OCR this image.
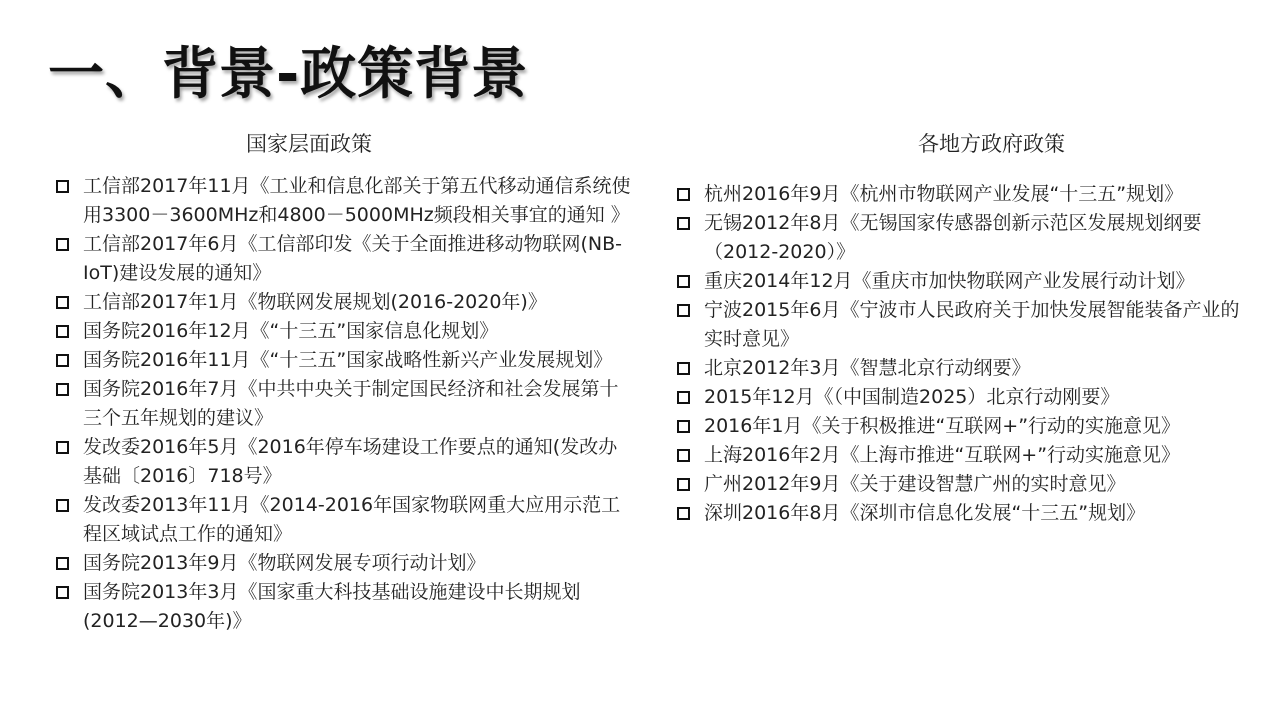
一、背景-政策背景
国家层面政策	各地方政府政策
工信部2017年11月《工业和信息化部关于第五代移动通信系统使用3300－3600MHz和4800－5000MHz频段相关事宜的通知 》
工信部2017年6月《工信部印发《关于全面推进移动物联网(NB-IoT)建设发展的通知》
工信部2017年1月《物联网发展规划(2016-2020年)》
国务院2016年12月《“十三五”国家信息化规划》
国务院2016年11月《“十三五”国家战略性新兴产业发展规划》
国务院2016年7月《中共中央关于制定国民经济和社会发展第十三个五年规划的建议》
发改委2016年5月《2016年停车场建设工作要点的通知(发改办基础〔2016〕718号》
发改委2013年11月《2014-2016年国家物联网重大应用示范工程区域试点工作的通知》
国务院2013年9月《物联网发展专项行动计划》
国务院2013年3月《国家重大科技基础设施建设中长期规划(2012—2030年)》
杭州2016年9月《杭州市物联网产业发展“十三五”规划》
无锡2012年8月《无锡国家传感器创新示范区发展规划纲要（2012-2020）》
重庆2014年12月《重庆市加快物联网产业发展行动计划》
宁波2015年6月《宁波市人民政府关于加快发展智能装备产业的实时意见》
北京2012年3月《智慧北京行动纲要》
2015年12月《（中国制造2025）北京行动刚要》
2016年1月《关于积极推进“互联网+”行动的实施意见》
上海2016年2月《上海市推进“互联网+”行动实施意见》
广州2012年9月《关于建设智慧广州的实时意见》
深圳2016年8月《深圳市信息化发展“十三五”规划》
